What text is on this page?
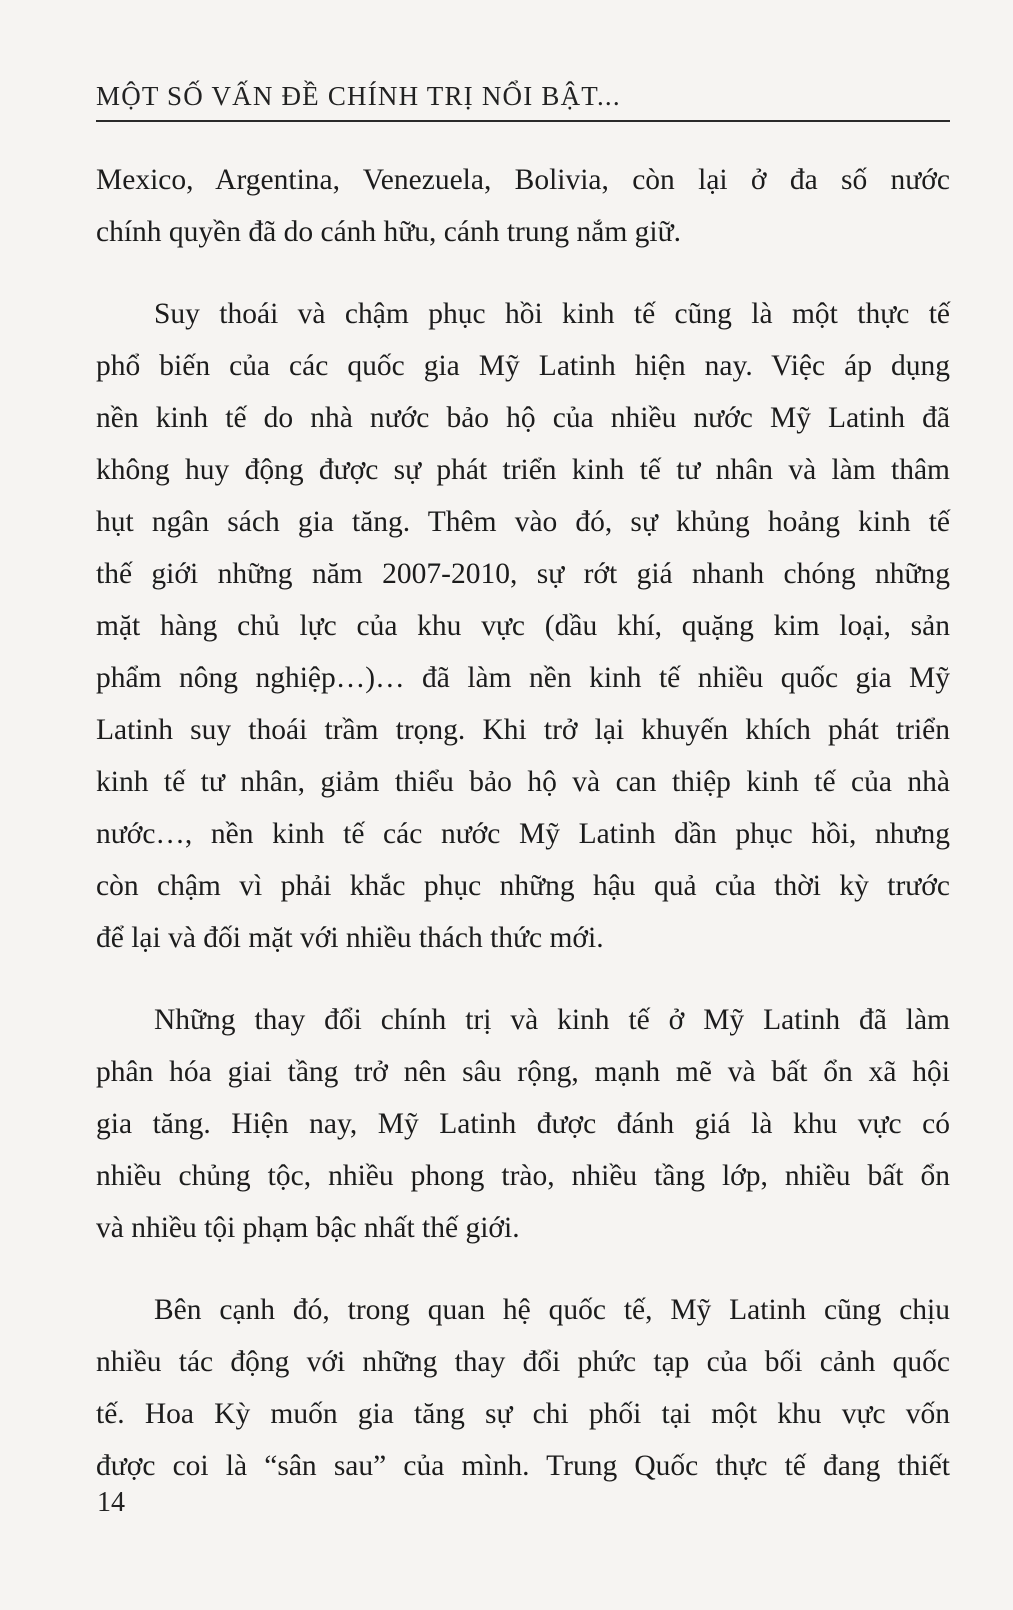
MỘT SỐ VẤN ĐỀ CHÍNH TRỊ NỔI BẬT...
Mexico, Argentina, Venezuela, Bolivia, còn lại ở đa số nước
chính quyền đã do cánh hữu, cánh trung nắm giữ.
Suy thoái và chậm phục hồi kinh tế cũng là một thực tế
phổ biến của các quốc gia Mỹ Latinh hiện nay. Việc áp dụng
nền kinh tế do nhà nước bảo hộ của nhiều nước Mỹ Latinh đã
không huy động được sự phát triển kinh tế tư nhân và làm thâm
hụt ngân sách gia tăng. Thêm vào đó, sự khủng hoảng kinh tế
thế giới những năm 2007-2010, sự rớt giá nhanh chóng những
mặt hàng chủ lực của khu vực (dầu khí, quặng kim loại, sản
phẩm nông nghiệp…)… đã làm nền kinh tế nhiều quốc gia Mỹ
Latinh suy thoái trầm trọng. Khi trở lại khuyến khích phát triển
kinh tế tư nhân, giảm thiểu bảo hộ và can thiệp kinh tế của nhà
nước…, nền kinh tế các nước Mỹ Latinh dần phục hồi, nhưng
còn chậm vì phải khắc phục những hậu quả của thời kỳ trước
để lại và đối mặt với nhiều thách thức mới.
Những thay đổi chính trị và kinh tế ở Mỹ Latinh đã làm
phân hóa giai tầng trở nên sâu rộng, mạnh mẽ và bất ổn xã hội
gia tăng. Hiện nay, Mỹ Latinh được đánh giá là khu vực có
nhiều chủng tộc, nhiều phong trào, nhiều tầng lớp, nhiều bất ổn
và nhiều tội phạm bậc nhất thế giới.
Bên cạnh đó, trong quan hệ quốc tế, Mỹ Latinh cũng chịu
nhiều tác động với những thay đổi phức tạp của bối cảnh quốc
tế. Hoa Kỳ muốn gia tăng sự chi phối tại một khu vực vốn
được coi là “sân sau” của mình. Trung Quốc thực tế đang thiết
14
